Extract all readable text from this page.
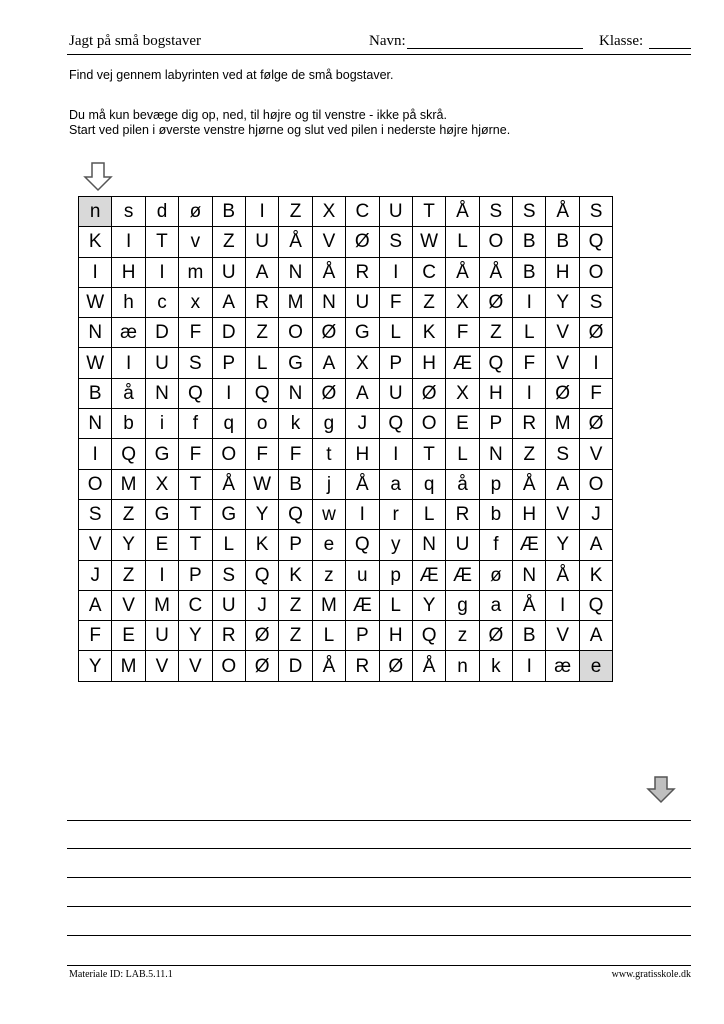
Jagt på små bogstaver	Navn:	Klasse:
Find vej gennem labyrinten ved at følge de små bogstaver.
Du må kun bevæge dig op, ned, til højre og til venstre - ikke på skrå.
Start ved pilen i øverste venstre hjørne og slut ved pilen i nederste højre hjørne.
n	s	d	ø	B	I	Z	X	C	U	T	Å	S	S	Å	S
K	I	T	v	Z	U	Å	V	Ø	S	W	L	O	B	B	Q
I	H	I	m	U	A	N	Å	R	I	C	Å	Å	B	H	O
W	h	c	x	A	R	M	N	U	F	Z	X	Ø	I	Y	S
N	æ	D	F	D	Z	O	Ø	G	L	K	F	Z	L	V	Ø
W	I	U	S	P	L	G	A	X	P	H	Æ	Q	F	V	I
B	å	N	Q	I	Q	N	Ø	A	U	Ø	X	H	I	Ø	F
N	b	i	f	q	o	k	g	J	Q	O	E	P	R	M	Ø
I	Q	G	F	O	F	F	t	H	I	T	L	N	Z	S	V
O	M	X	T	Å	W	B	j	Å	a	q	å	p	Å	A	O
S	Z	G	T	G	Y	Q	w	I	r	L	R	b	H	V	J
V	Y	E	T	L	K	P	e	Q	y	N	U	f	Æ	Y	A
J	Z	I	P	S	Q	K	z	u	p	Æ	Æ	ø	N	Å	K
A	V	M	C	U	J	Z	M	Æ	L	Y	g	a	Å	I	Q
F	E	U	Y	R	Ø	Z	L	P	H	Q	z	Ø	B	V	A
Y	M	V	V	O	Ø	D	Å	R	Ø	Å	n	k	I	æ	e
Materiale ID: LAB.5.11.1	www.gratisskole.dk
